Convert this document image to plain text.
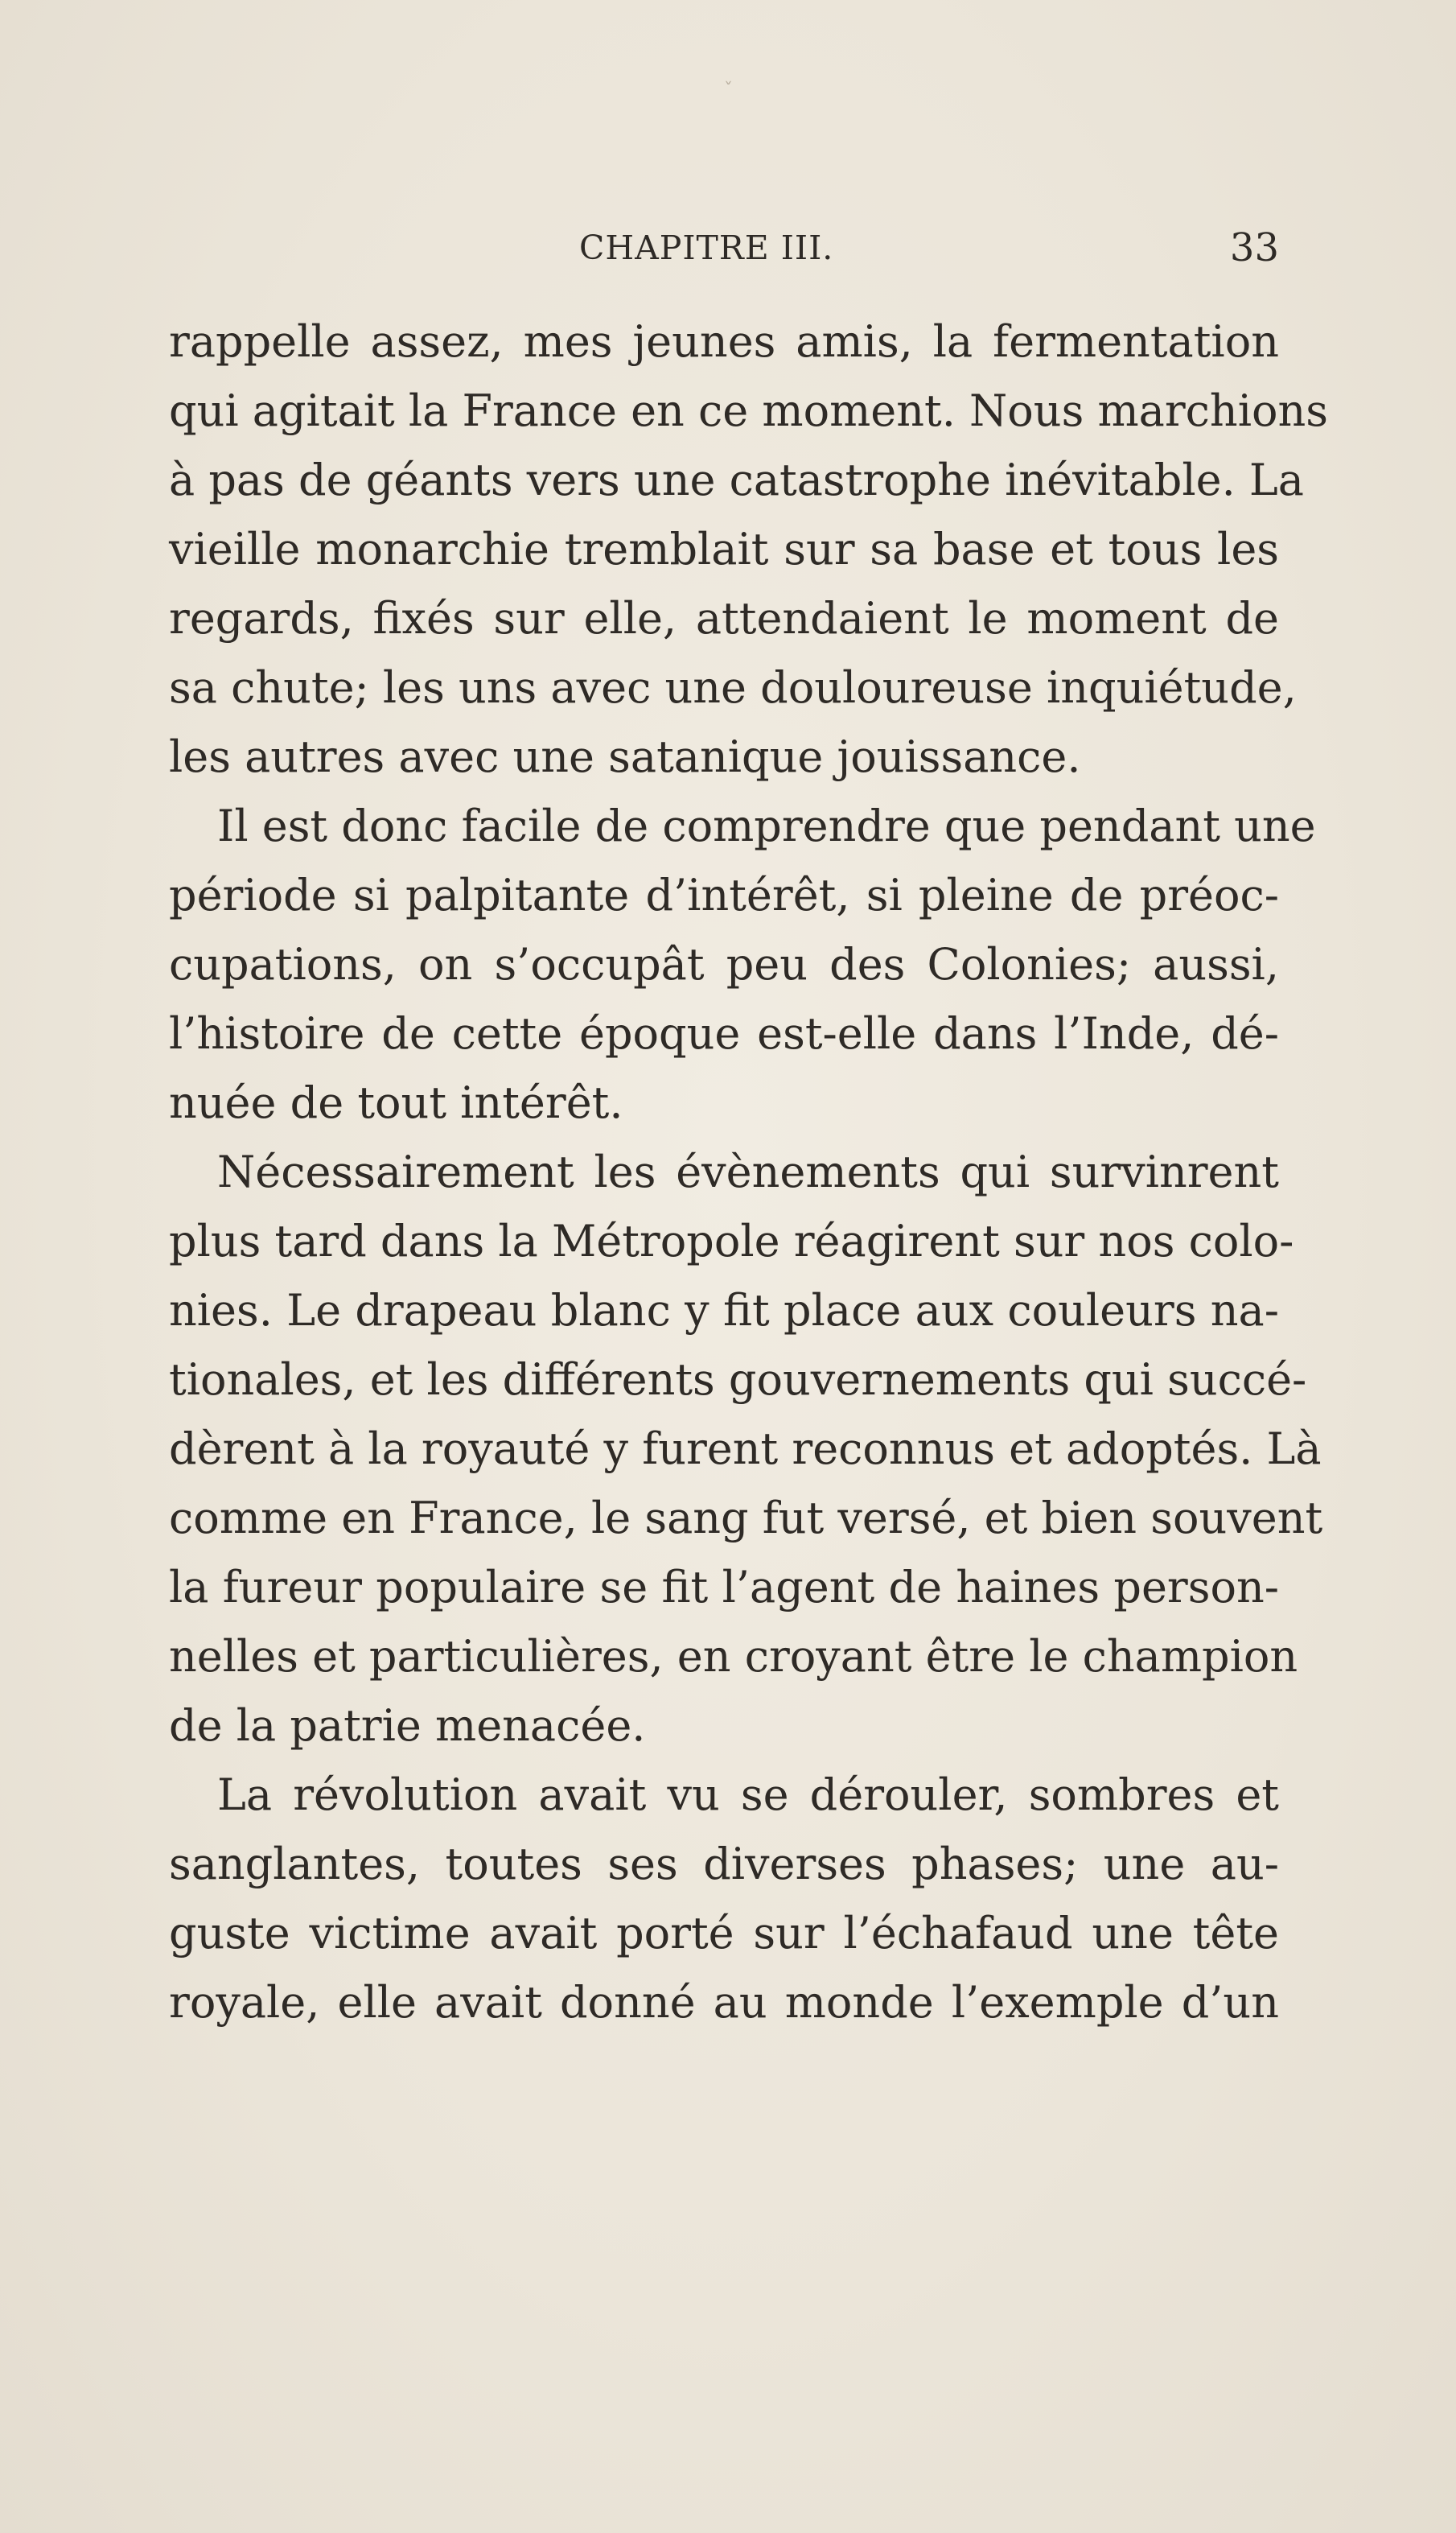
ˇ
CHAPITRE III.	33
rappelle assez, mes jeunes amis, la fermentation
qui agitait la France en ce moment. Nous marchions
à pas de géants vers une catastrophe inévitable. La
vieille monarchie tremblait sur sa base et tous les
regards, fixés sur elle, attendaient le moment de
sa chute; les uns avec une douloureuse inquiétude,
les autres avec une satanique jouissance.
Il est donc facile de comprendre que pendant une
période si palpitante d’intérêt, si pleine de préoc-
cupations, on s’occupât peu des Colonies; aussi,
l’histoire de cette époque est-elle dans l’Inde, dé-
nuée de tout intérêt.
Nécessairement les évènements qui survinrent
plus tard dans la Métropole réagirent sur nos colo-
nies. Le drapeau blanc y fit place aux couleurs na-
tionales, et les différents gouvernements qui succé-
dèrent à la royauté y furent reconnus et adoptés. Là
comme en France, le sang fut versé, et bien souvent
la fureur populaire se fit l’agent de haines person-
nelles et particulières, en croyant être le champion
de la patrie menacée.
La révolution avait vu se dérouler, sombres et
sanglantes, toutes ses diverses phases; une au-
guste victime avait porté sur l’échafaud une tête
royale, elle avait donné au monde l’exemple d’un
